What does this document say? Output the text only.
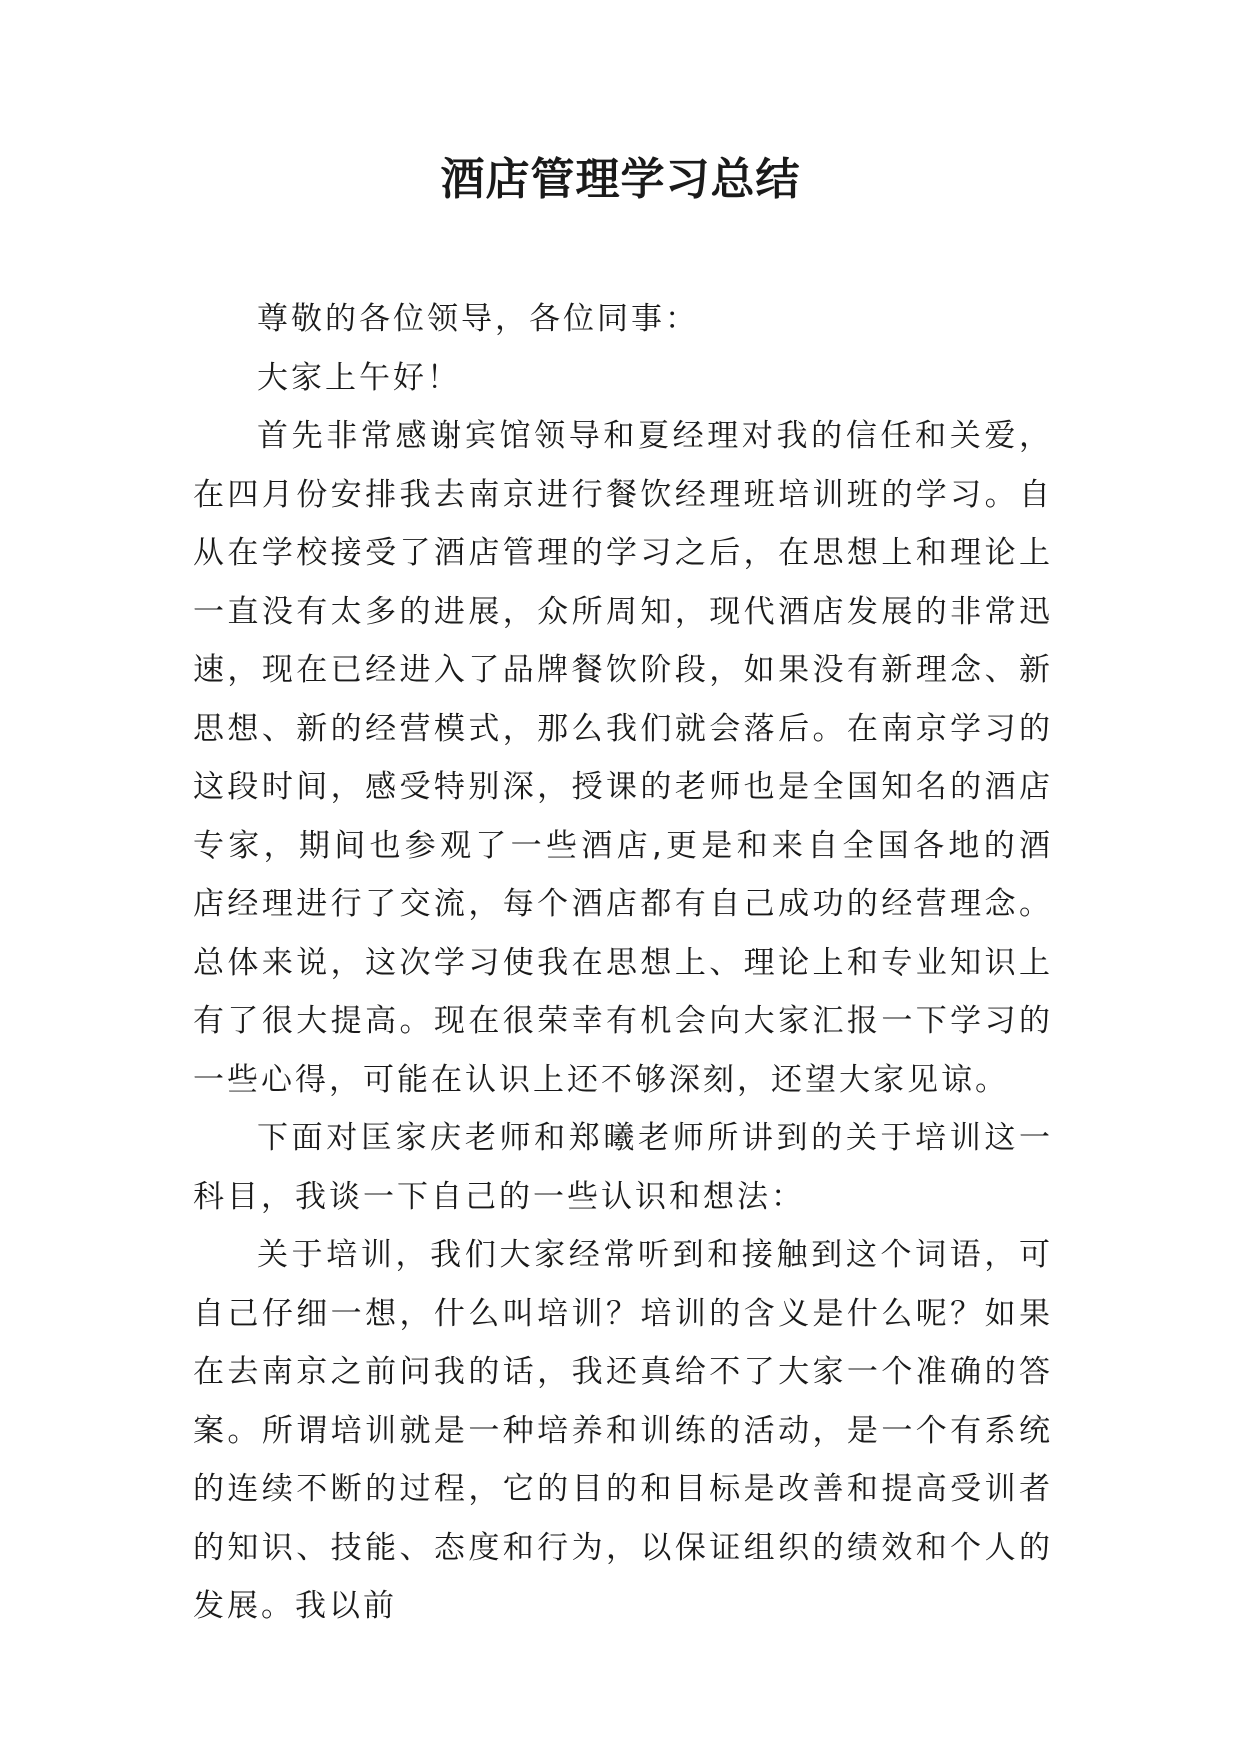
酒店管理学习总结

尊敬的各位领导，各位同事：

大家上午好！

首先非常感谢宾馆领导和夏经理对我的信任和关爱，在四月份安排我去南京进行餐饮经理班培训班的学习。自从在学校接受了酒店管理的学习之后，在思想上和理论上一直没有太多的进展，众所周知，现代酒店发展的非常迅速，现在已经进入了品牌餐饮阶段，如果没有新理念、新思想、新的经营模式，那么我们就会落后。在南京学习的这段时间，感受特别深，授课的老师也是全国知名的酒店专家，期间也参观了一些酒店,更是和来自全国各地的酒店经理进行了交流，每个酒店都有自己成功的经营理念。总体来说，这次学习使我在思想上、理论上和专业知识上有了很大提高。现在很荣幸有机会向大家汇报一下学习的一些心得，可能在认识上还不够深刻，还望大家见谅。

下面对匡家庆老师和郑曦老师所讲到的关于培训这一科目，我谈一下自己的一些认识和想法：

关于培训，我们大家经常听到和接触到这个词语，可自己仔细一想，什么叫培训？培训的含义是什么呢？如果在去南京之前问我的话，我还真给不了大家一个准确的答案。所谓培训就是一种培养和训练的活动，是一个有系统的连续不断的过程，它的目的和目标是改善和提高受训者的知识、技能、态度和行为，以保证组织的绩效和个人的发展。我以前
